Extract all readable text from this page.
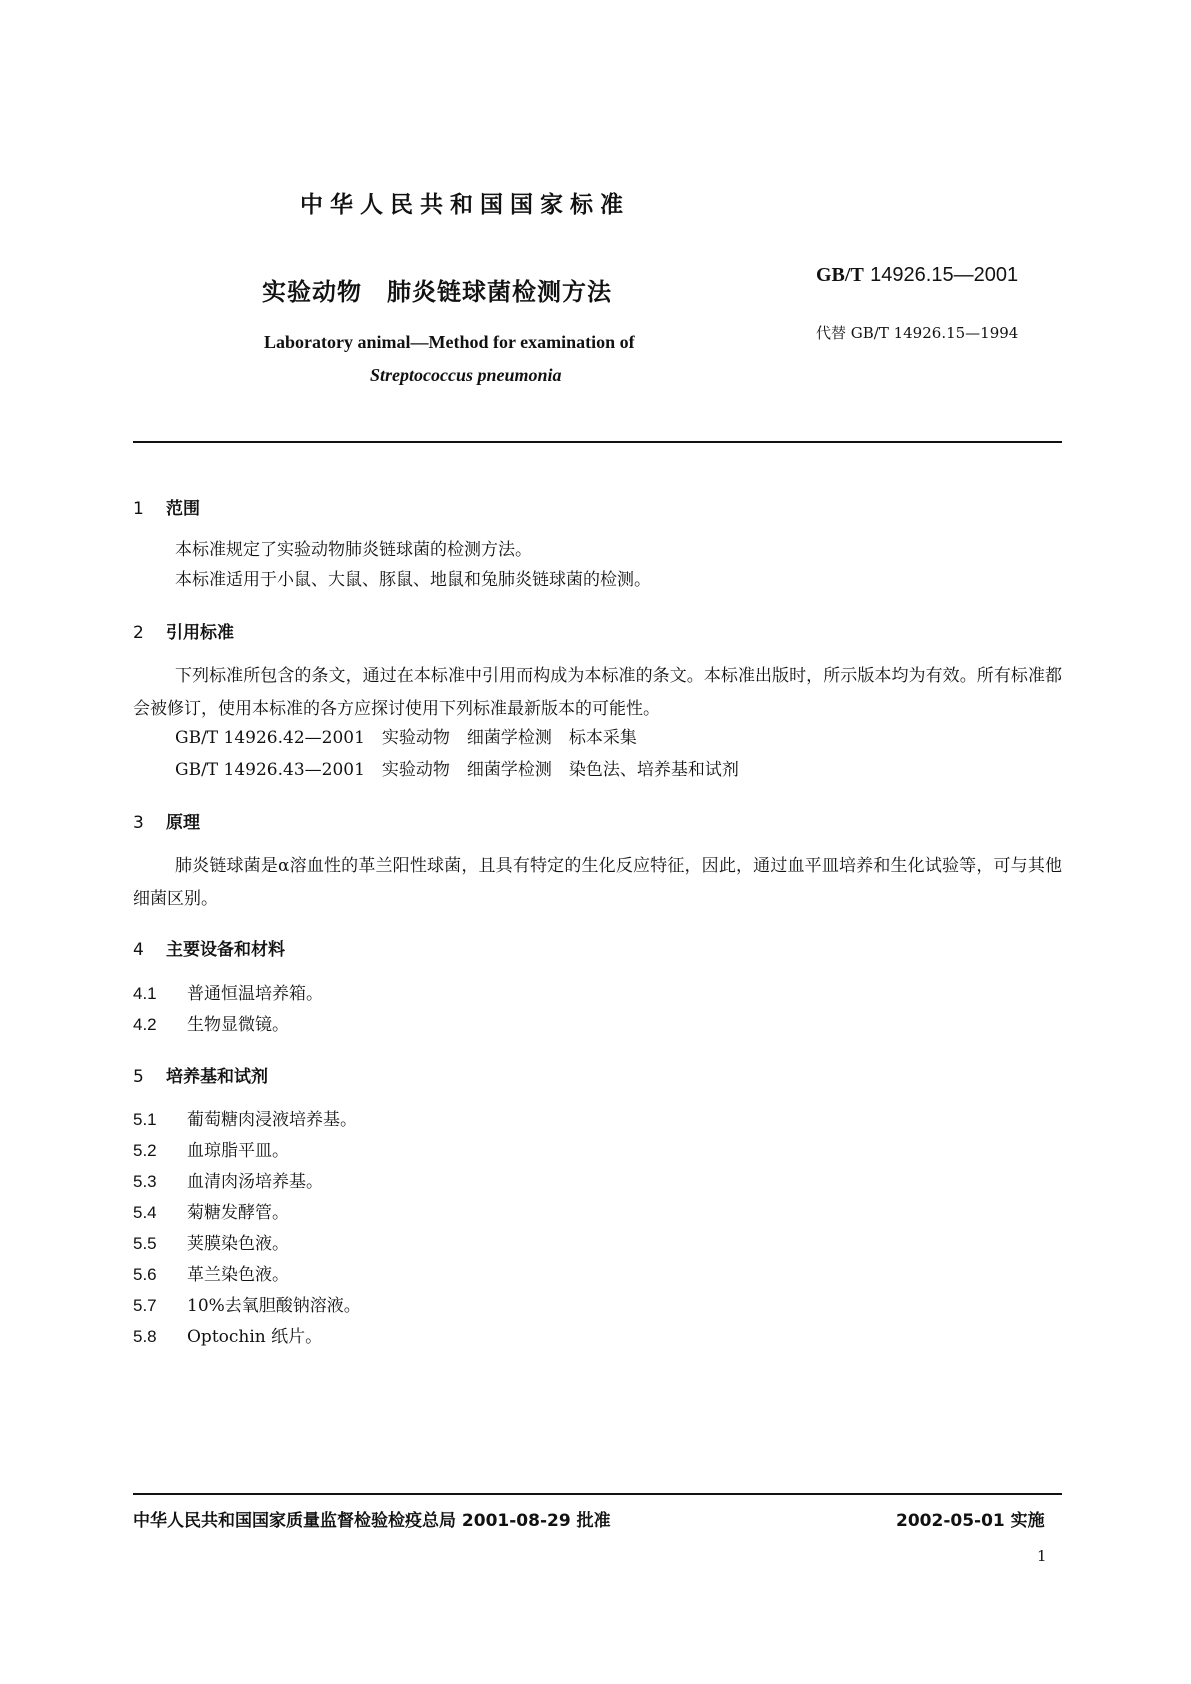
中华人民共和国国家标准
实验动物　肺炎链球菌检测方法
Laboratory animal—Method for examination of
Streptococcus pneumonia
GB/T 14926.15—2001
代替 GB/T 14926.15—1994
1 范围
本标准规定了实验动物肺炎链球菌的检测方法。
本标准适用于小鼠、大鼠、豚鼠、地鼠和兔肺炎链球菌的检测。
2 引用标准
下列标准所包含的条文，通过在本标准中引用而构成为本标准的条文。本标准出版时，所示版本均为有效。所有标准都会被修订，使用本标准的各方应探讨使用下列标准最新版本的可能性。
GB/T 14926.42—2001　实验动物　细菌学检测　标本采集
GB/T 14926.43—2001　实验动物　细菌学检测　染色法、培养基和试剂
3 原理
肺炎链球菌是α溶血性的革兰阳性球菌，且具有特定的生化反应特征，因此，通过血平皿培养和生化试验等，可与其他细菌区别。
4 主要设备和材料
4.1 普通恒温培养箱。
4.2 生物显微镜。
5 培养基和试剂
5.1 葡萄糖肉浸液培养基。
5.2 血琼脂平皿。
5.3 血清肉汤培养基。
5.4 菊糖发酵管。
5.5 荚膜染色液。
5.6 革兰染色液。
5.7 10%去氧胆酸钠溶液。
5.8 Optochin 纸片。
中华人民共和国国家质量监督检验检疫总局 2001-08-29 批准	2002-05-01 实施
1
